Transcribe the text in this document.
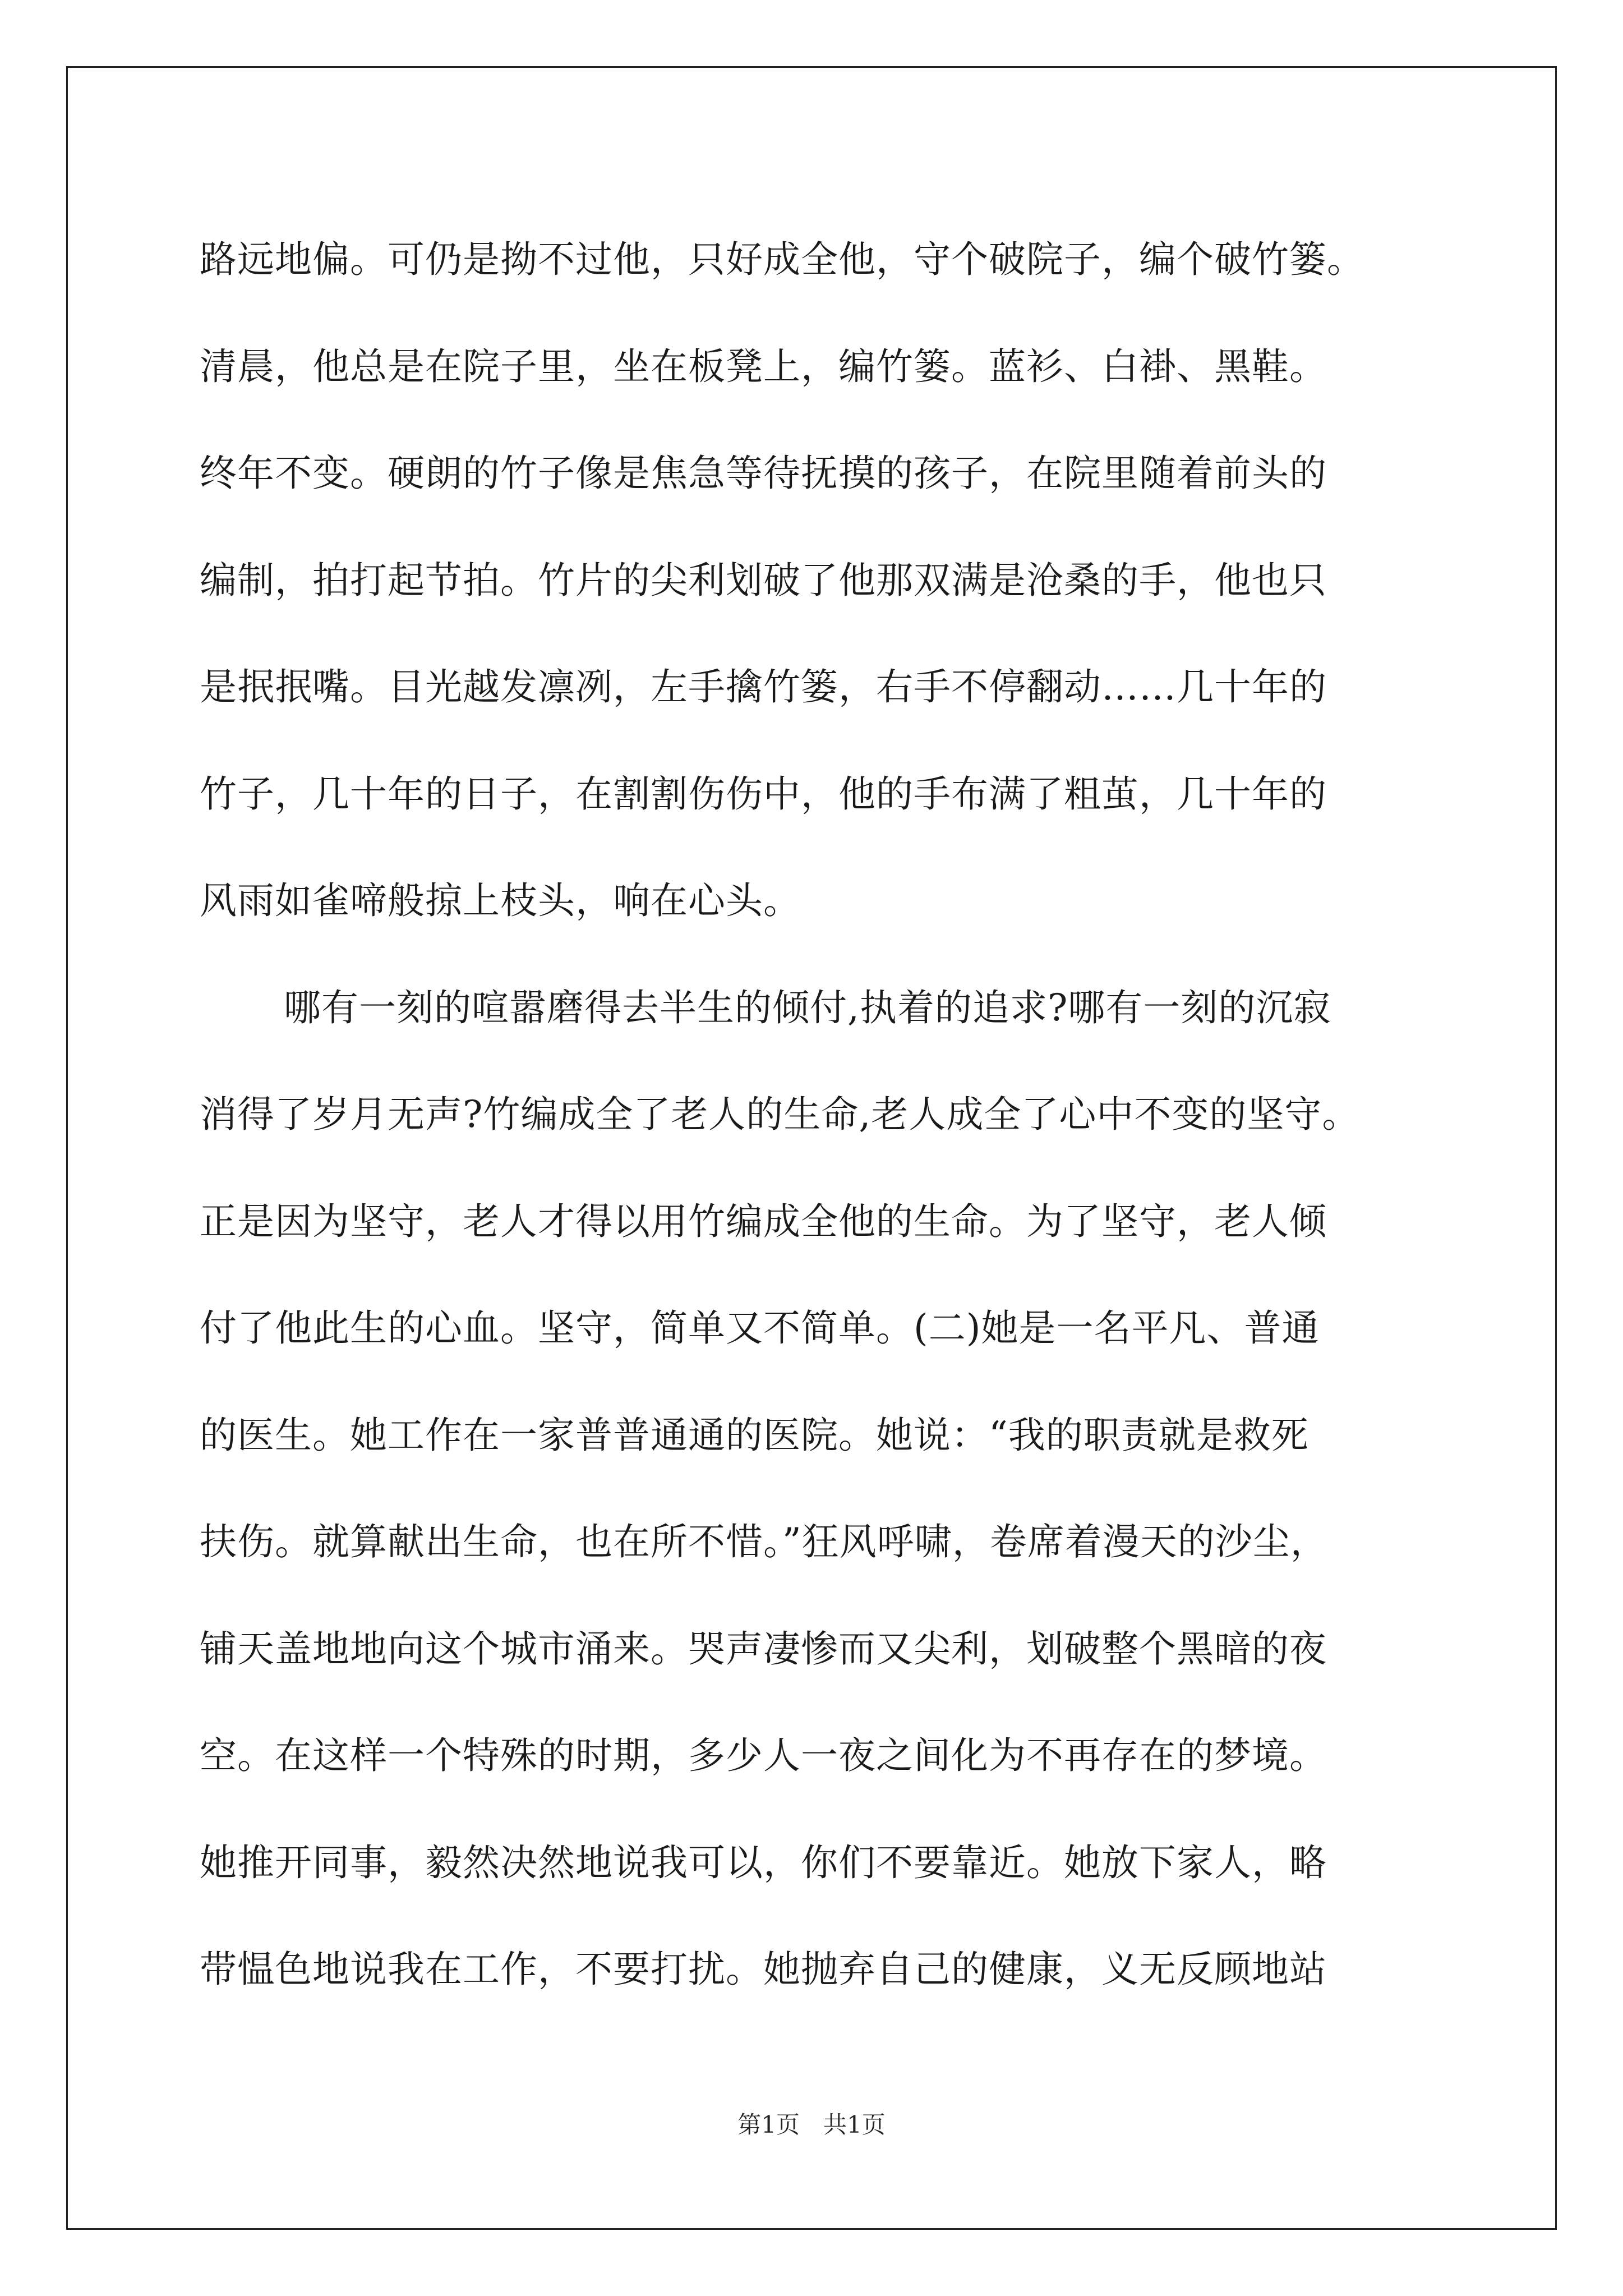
路远地偏。可仍是拗不过他，只好成全他，守个破院子，编个破竹篓。
清晨，他总是在院子里，坐在板凳上，编竹篓。蓝衫、白褂、黑鞋。
终年不变。硬朗的竹子像是焦急等待抚摸的孩子，在院里随着前头的
编制，拍打起节拍。竹片的尖利划破了他那双满是沧桑的手，他也只
是抿抿嘴。目光越发凛冽，左手擒竹篓，右手不停翻动……几十年的
竹子，几十年的日子，在割割伤伤中，他的手布满了粗茧，几十年的
风雨如雀啼般掠上枝头，响在心头。
哪有一刻的喧嚣磨得去半生的倾付,执着的追求?哪有一刻的沉寂
消得了岁月无声?竹编成全了老人的生命,老人成全了心中不变的坚守。
正是因为坚守，老人才得以用竹编成全他的生命。为了坚守，老人倾
付了他此生的心血。坚守，简单又不简单。(二)她是一名平凡、普通
的医生。她工作在一家普普通通的医院。她说：“我的职责就是救死
扶伤。就算献出生命，也在所不惜。”狂风呼啸，卷席着漫天的沙尘，
铺天盖地地向这个城市涌来。哭声凄惨而又尖利，划破整个黑暗的夜
空。在这样一个特殊的时期，多少人一夜之间化为不再存在的梦境。
她推开同事，毅然决然地说我可以，你们不要靠近。她放下家人，略
带愠色地说我在工作，不要打扰。她抛弃自己的健康，义无反顾地站
第1页　共1页
